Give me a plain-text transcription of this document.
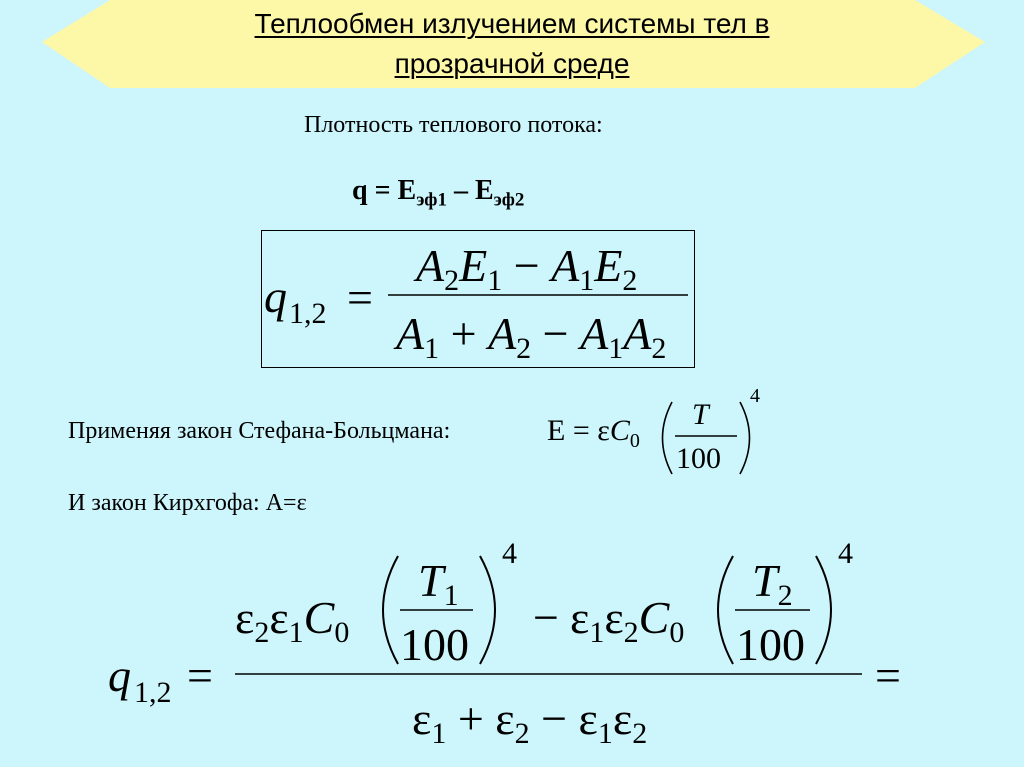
Теплообмен излучением системы тел в
прозрачной среде
Плотность теплового потока:
$q = E_{эф1} - E_{эф2}$
q 1,2 =
A2E1 − A1E2
A1 + A2 − A1A2
Применяя закон Стефана-Больцмана:	$E = \varepsilon C_0$
T
100
4
И закон Кирхгофа: А=ε
q 1,2 =	=
ε2ε1C0
T1
100
4
− ε1ε2C0
T2
100
4
ε1 + ε2 − ε1ε2
